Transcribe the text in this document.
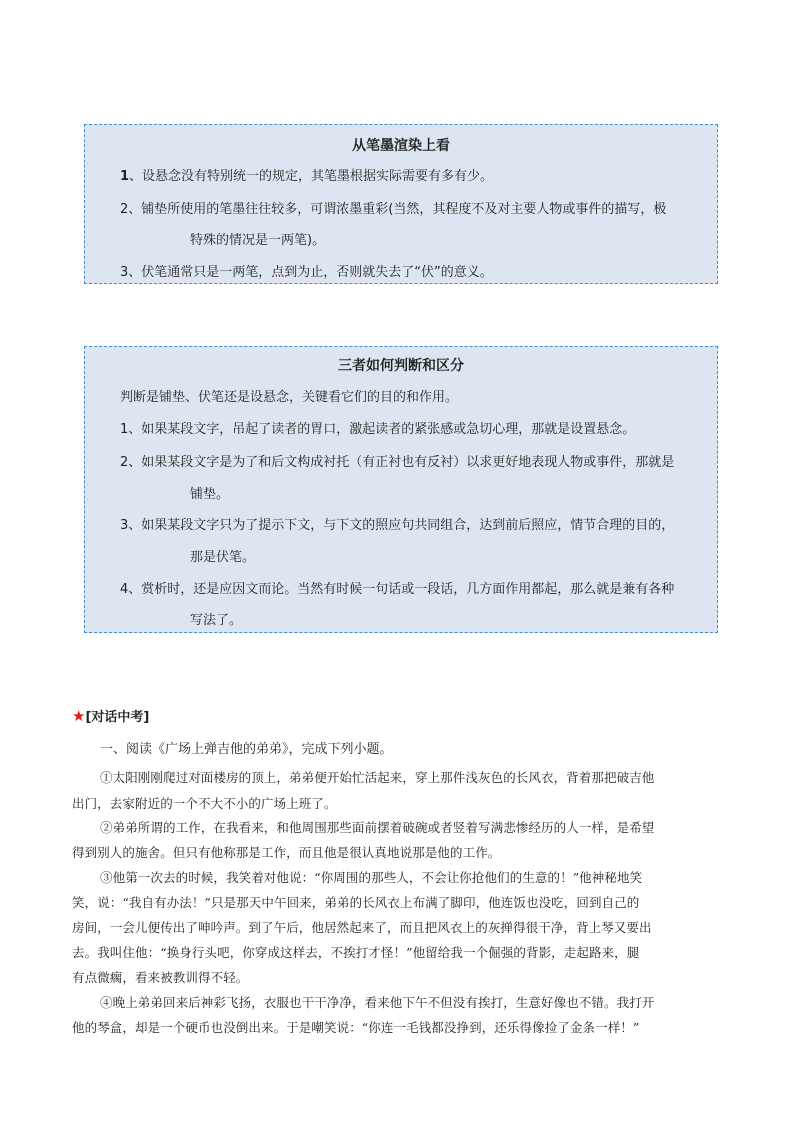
从笔墨渲染上看
1、设悬念没有特别统一的规定，其笔墨根据实际需要有多有少。
2、铺垫所使用的笔墨往往较多，可谓浓墨重彩(当然，其程度不及对主要人物或事件的描写，极
特殊的情况是一两笔)。
3、伏笔通常只是一两笔，点到为止，否则就失去了“伏”的意义。
三者如何判断和区分
判断是铺垫、伏笔还是设悬念，关键看它们的目的和作用。
1、如果某段文字，吊起了读者的胃口，激起读者的紧张感或急切心理，那就是设置悬念。
2、如果某段文字是为了和后文构成衬托（有正衬也有反衬）以求更好地表现人物或事件，那就是
铺垫。
3、如果某段文字只为了提示下文，与下文的照应句共同组合，达到前后照应，情节合理的目的，
那是伏笔。
4、赏析时，还是应因文而论。当然有时候一句话或一段话，几方面作用都起，那么就是兼有各种
写法了。
★[对话中考]
一、阅读《广场上弹吉他的弟弟》，完成下列小题。
①太阳刚刚爬过对面楼房的顶上，弟弟便开始忙活起来，穿上那件浅灰色的长风衣，背着那把破吉他
出门，去家附近的一个不大不小的广场上班了。
②弟弟所谓的工作，在我看来，和他周围那些面前摆着破碗或者竖着写满悲惨经历的人一样，是希望
得到别人的施舍。但只有他称那是工作，而且他是很认真地说那是他的工作。
③他第一次去的时候，我笑着对他说：“你周围的那些人，不会让你抢他们的生意的！”他神秘地笑
笑，说：“我自有办法！”只是那天中午回来，弟弟的长风衣上布满了脚印，他连饭也没吃，回到自己的
房间，一会儿便传出了呻吟声。到了午后，他居然起来了，而且把风衣上的灰掸得很干净，背上琴又要出
去。我叫住他：“换身行头吧，你穿成这样去，不挨打才怪！”他留给我一个倔强的背影，走起路来，腿
有点微瘸，看来被教训得不轻。
④晚上弟弟回来后神彩飞扬，衣服也干干净净，看来他下午不但没有挨打，生意好像也不错。我打开
他的琴盒，却是一个硬币也没倒出来。于是嘲笑说：“你连一毛钱都没挣到，还乐得像捡了金条一样！”
